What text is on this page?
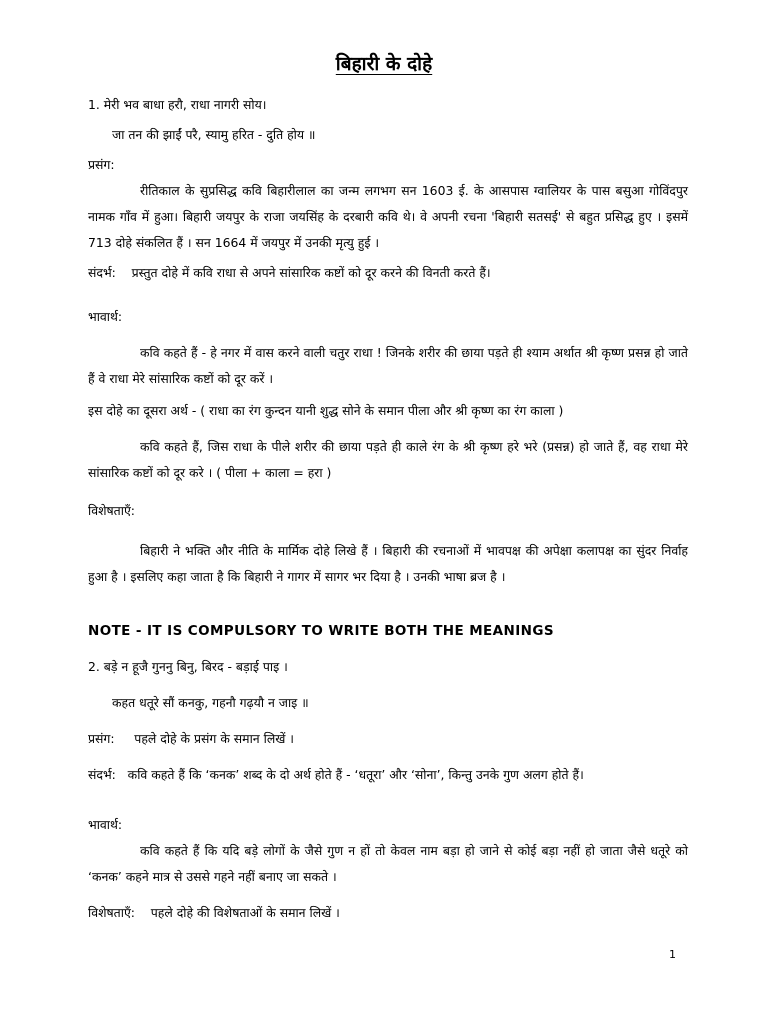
बिहारी के दोहे

1. मेरी भव बाधा हरौ, राधा नागरी सोय।

जा तन की झाईं परै, स्यामु हरित - दुति होय ॥

प्रसंग:

रीतिकाल के सुप्रसिद्ध कवि बिहारीलाल का जन्म लगभग सन 1603 ई. के आसपास ग्वालियर के पास बसुआ गोविंदपुर नामक गाँव में हुआ। बिहारी जयपुर के राजा जयसिंह के दरबारी कवि थे। वे अपनी रचना 'बिहारी सतसई' से बहुत प्रसिद्ध हुए । इसमें 713 दोहे संकलित हैं । सन 1664 में जयपुर में उनकी मृत्यु हुई ।

संदर्भ: प्रस्तुत दोहे में कवि राधा से अपने सांसारिक कष्टों को दूर करने की विनती करते हैं।

भावार्थ:

कवि कहते हैं - हे नगर में वास करने वाली चतुर राधा ! जिनके शरीर की छाया पड़ते ही श्याम अर्थात श्री कृष्ण प्रसन्न हो जाते हैं वे राधा मेरे सांसारिक कष्टों को दूर करें ।

इस दोहे का दूसरा अर्थ - ( राधा का रंग कुन्दन यानी शुद्ध सोने के समान पीला और श्री कृष्ण का रंग काला )

कवि कहते हैं, जिस राधा के पीले शरीर की छाया पड़ते ही काले रंग के श्री कृष्ण हरे भरे (प्रसन्न) हो जाते हैं, वह राधा मेरे सांसारिक कष्टों को दूर करे । ( पीला + काला = हरा )

विशेषताएँ:

बिहारी ने भक्ति और नीति के मार्मिक दोहे लिखे हैं । बिहारी की रचनाओं में भावपक्ष की अपेक्षा कलापक्ष का सुंदर निर्वाह हुआ है । इसलिए कहा जाता है कि बिहारी ने गागर में सागर भर दिया है । उनकी भाषा ब्रज है ।

NOTE - IT IS COMPULSORY TO WRITE BOTH THE MEANINGS

2. बड़े न हूजै गुननु बिनु, बिरद - बड़ाई पाइ ।

कहत धतूरे सौं कनकु, गहनौ गढ़यौ न जाइ ॥

प्रसंग: पहले दोहे के प्रसंग के समान लिखें ।
संदर्भ: कवि कहते हैं कि ‘कनक’ शब्द के दो अर्थ होते हैं - ‘धतूरा’ और ‘सोना’, किन्तु उनके गुण अलग होते हैं।

भावार्थ:

कवि कहते हैं कि यदि बड़े लोगों के जैसे गुण न हों तो केवल नाम बड़ा हो जाने से कोई बड़ा नहीं हो जाता जैसे धतूरे को ‘कनक’ कहने मात्र से उससे गहने नहीं बनाए जा सकते ।

विशेषताएँ: पहले दोहे की विशेषताओं के समान लिखें ।
1
